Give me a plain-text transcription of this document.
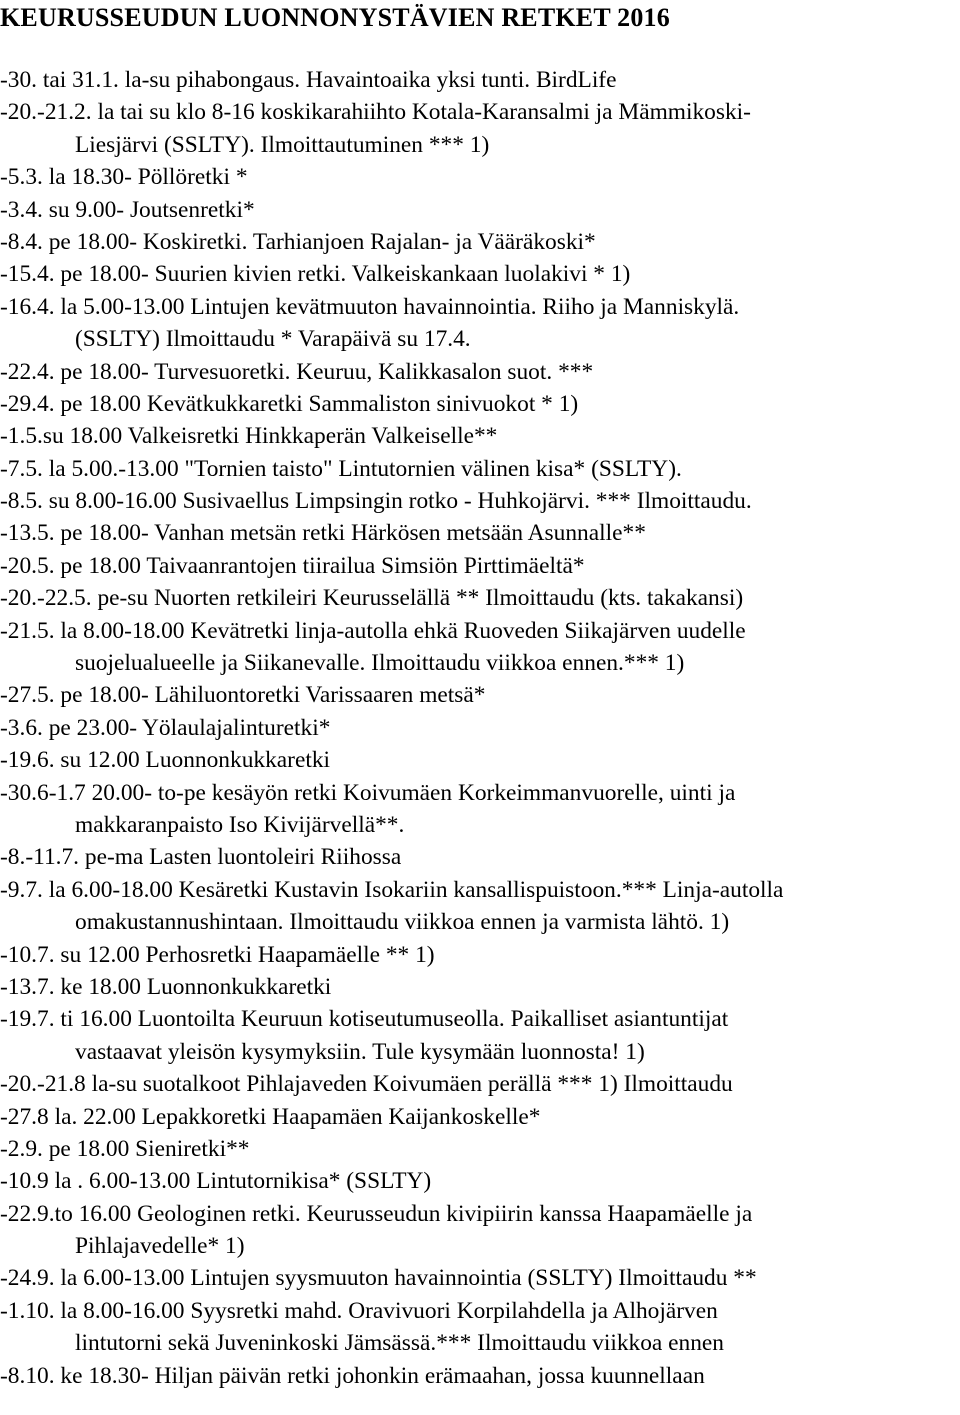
KEURUSSEUDUN LUONNONYSTÄVIEN RETKET 2016
-30. tai 31.1. la-su pihabongaus. Havaintoaika yksi tunti. BirdLife
-20.-21.2. la tai su klo 8-16 koskikarahiihto Kotala-Karansalmi ja Mämmikoski-
Liesjärvi (SSLTY). Ilmoittautuminen *** 1)
-5.3. la 18.30- Pöllöretki *
-3.4. su 9.00- Joutsenretki*
-8.4. pe 18.00- Koskiretki. Tarhianjoen Rajalan- ja Vääräkoski*
-15.4. pe 18.00- Suurien kivien retki. Valkeiskankaan luolakivi * 1)
-16.4. la 5.00-13.00 Lintujen kevätmuuton havainnointia. Riiho ja Manniskylä.
(SSLTY) Ilmoittaudu * Varapäivä su 17.4.
-22.4. pe 18.00- Turvesuoretki. Keuruu, Kalikkasalon suot. ***
-29.4. pe 18.00 Kevätkukkaretki Sammaliston sinivuokot * 1)
-1.5.su 18.00 Valkeisretki Hinkkaperän Valkeiselle**
-7.5. la 5.00.-13.00 "Tornien taisto" Lintutornien välinen kisa* (SSLTY).
-8.5. su 8.00-16.00 Susivaellus Limpsingin rotko - Huhkojärvi. *** Ilmoittaudu.
-13.5. pe 18.00- Vanhan metsän retki Härkösen metsään Asunnalle**
-20.5. pe 18.00 Taivaanrantojen tiirailua Simsiön Pirttimäeltä*
-20.-22.5. pe-su Nuorten retkileiri Keurusselällä ** Ilmoittaudu (kts. takakansi)
-21.5. la 8.00-18.00 Kevätretki linja-autolla ehkä Ruoveden Siikajärven uudelle
suojelualueelle ja Siikanevalle. Ilmoittaudu viikkoa ennen.*** 1)
-27.5. pe 18.00- Lähiluontoretki Varissaaren metsä*
-3.6. pe 23.00- Yölaulajalinturetki*
-19.6. su 12.00 Luonnonkukkaretki
-30.6-1.7 20.00- to-pe kesäyön retki Koivumäen Korkeimmanvuorelle, uinti ja
makkaranpaisto Iso Kivijärvellä**.
-8.-11.7. pe-ma Lasten luontoleiri Riihossa
-9.7. la 6.00-18.00 Kesäretki Kustavin Isokariin kansallispuistoon.*** Linja-autolla
omakustannushintaan. Ilmoittaudu viikkoa ennen ja varmista lähtö. 1)
-10.7. su 12.00 Perhosretki Haapamäelle ** 1)
-13.7. ke 18.00 Luonnonkukkaretki
-19.7. ti 16.00 Luontoilta Keuruun kotiseutumuseolla. Paikalliset asiantuntijat
vastaavat yleisön kysymyksiin. Tule kysymään luonnosta! 1)
-20.-21.8 la-su suotalkoot Pihlajaveden Koivumäen perällä *** 1) Ilmoittaudu
-27.8 la. 22.00 Lepakkoretki Haapamäen Kaijankoskelle*
-2.9. pe 18.00 Sieniretki**
-10.9 la . 6.00-13.00 Lintutornikisa* (SSLTY)
-22.9.to 16.00 Geologinen retki. Keurusseudun kivipiirin kanssa Haapamäelle ja
Pihlajavedelle* 1)
-24.9. la 6.00-13.00 Lintujen syysmuuton havainnointia (SSLTY) Ilmoittaudu **
-1.10. la 8.00-16.00 Syysretki mahd. Oravivuori Korpilahdella ja Alhojärven
lintutorni sekä Juveninkoski Jämsässä.*** Ilmoittaudu viikkoa ennen
-8.10. ke 18.30- Hiljan päivän retki johonkin erämaahan, jossa kuunnellaan
